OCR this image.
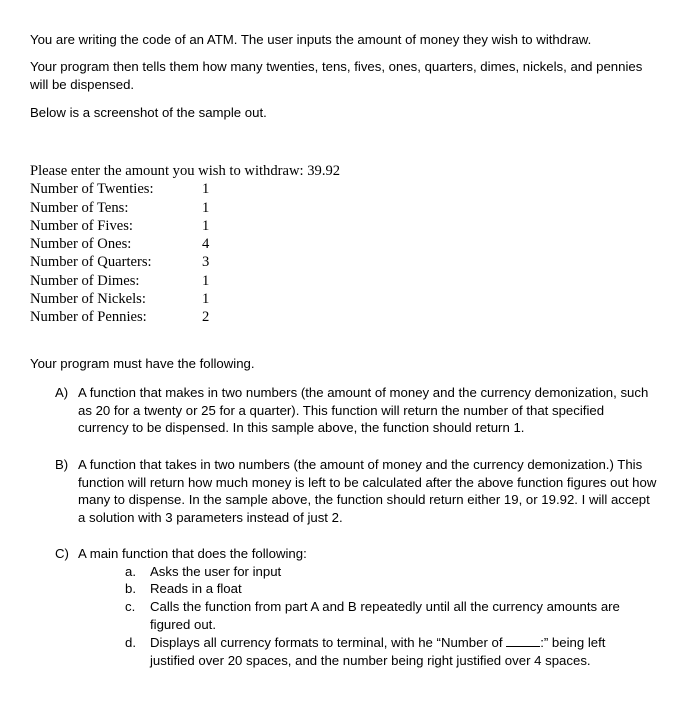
You are writing the code of an ATM. The user inputs the amount of money they wish to withdraw.
Your program then tells them how many twenties, tens, fives, ones, quarters, dimes, nickels, and pennies will be dispensed.
Below is a screenshot of the sample out.
Please enter the amount you wish to withdraw: 39.92
Number of Twenties:	1
Number of Tens:	1
Number of Fives:	1
Number of Ones:	4
Number of Quarters:	3
Number of Dimes:	1
Number of Nickels:	1
Number of Pennies:	2
Your program must have the following.
A) A function that makes in two numbers (the amount of money and the currency demonization, such as 20 for a twenty or 25 for a quarter). This function will return the number of that specified currency to be dispensed. In this sample above, the function should return 1.
B) A function that takes in two numbers (the amount of money and the currency demonization.) This function will return how much money is left to be calculated after the above function figures out how many to dispense. In the sample above, the function should return either 19, or 19.92. I will accept a solution with 3 parameters instead of just 2.
C) A main function that does the following:
a. Asks the user for input
b. Reads in a float
c. Calls the function from part A and B repeatedly until all the currency amounts are figured out.
d. Displays all currency formats to terminal, with he “Number of	:” being left justified over 20 spaces, and the number being right justified over 4 spaces.
